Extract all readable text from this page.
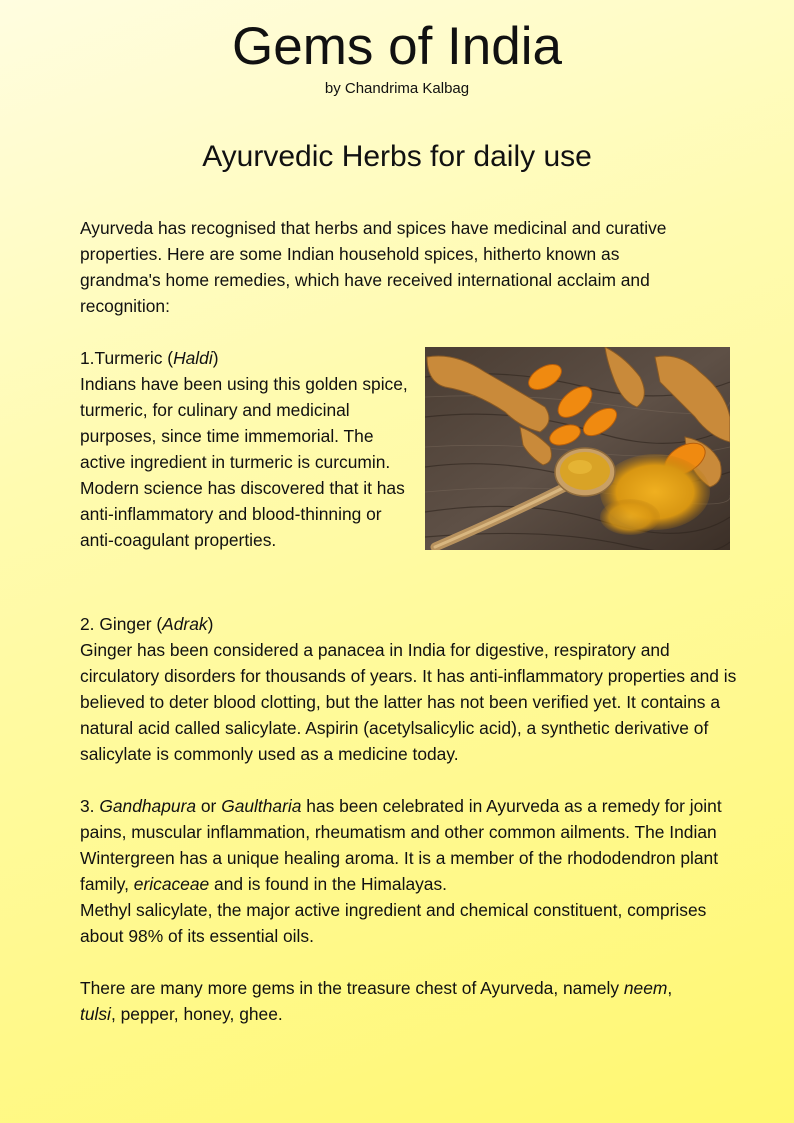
Gems of India
by Chandrima Kalbag
Ayurvedic Herbs for daily use

Ayurveda has recognised that herbs and spices have medicinal and curative properties. Here are some Indian household spices, hitherto known as grandma's home remedies, which have received international acclaim and recognition:

1.Turmeric (Haldi)
Indians have been using this golden spice, turmeric, for culinary and medicinal purposes, since time immemorial. The active ingredient in turmeric is curcumin. Modern science has discovered that it has anti-inflammatory and blood-thinning or anti-coagulant properties.

2. Ginger (Adrak)
Ginger has been considered a panacea in India for digestive, respiratory and circulatory disorders for thousands of years. It has anti-inflammatory properties and is believed to deter blood clotting, but the latter has not been verified yet. It contains a natural acid called salicylate. Aspirin (acetylsalicylic acid), a synthetic derivative of salicylate is commonly used as a medicine today.

3. Gandhapura or Gaultharia has been celebrated in Ayurveda as a remedy for joint pains, muscular inflammation, rheumatism and other common ailments. The Indian Wintergreen has a unique healing aroma. It is a member of the rhododendron plant family, ericaceae and is found in the Himalayas.
Methyl salicylate, the major active ingredient and chemical constituent, comprises about 98% of its essential oils.

There are many more gems in the treasure chest of Ayurveda, namely neem,
tulsi, pepper, honey, ghee.
